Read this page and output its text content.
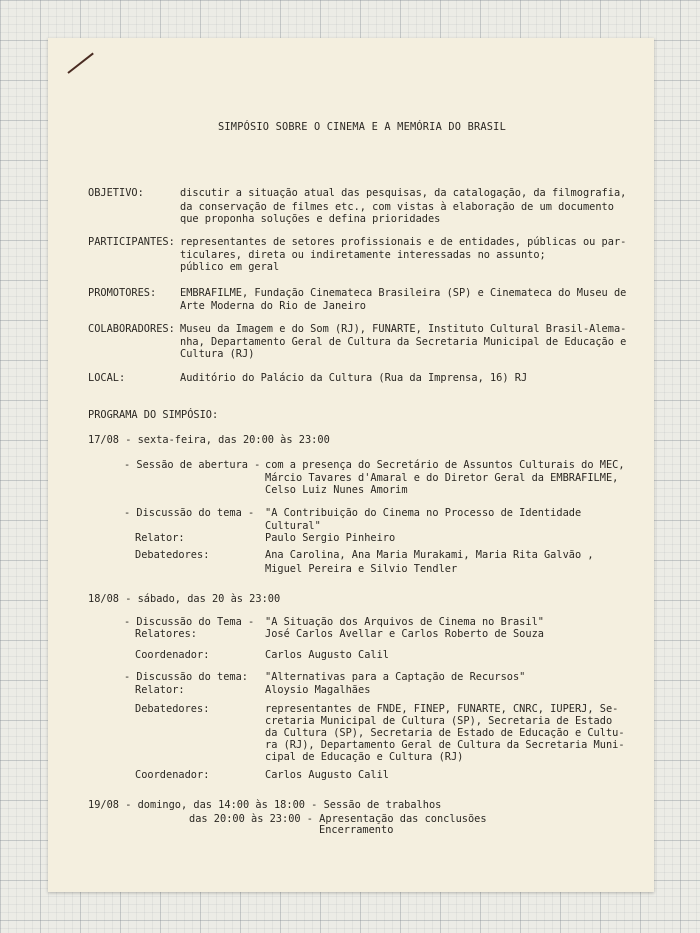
SIMPÓSIO SOBRE O CINEMA E A MEMÓRIA DO BRASIL
OBJETIVO:	discutir a situação atual das pesquisas, da catalogação, da filmografia,
da conservação de filmes etc., com vistas à elaboração de um documento
que proponha soluções e defina prioridades
PARTICIPANTES: representantes de setores profissionais e de entidades, públicas ou par-
ticulares, direta ou indiretamente interessadas no assunto;
público em geral
PROMOTORES: EMBRAFILME, Fundação Cinemateca Brasileira (SP) e Cinemateca do Museu de
Arte Moderna do Rio de Janeiro
COLABORADORES: Museu da Imagem e do Som (RJ), FUNARTE, Instituto Cultural Brasil-Alema-
nha, Departamento Geral de Cultura da Secretaria Municipal de Educação e
Cultura (RJ)
LOCAL:	Auditório do Palácio da Cultura (Rua da Imprensa, 16) RJ
PROGRAMA DO SIMPÓSIO:
17/08 - sexta-feira, das 20:00 às 23:00
- Sessão de abertura - com a presença do Secretário de Assuntos Culturais do MEC,
Márcio Tavares d'Amaral e do Diretor Geral da EMBRAFILME,
Celso Luiz Nunes Amorim
- Discussão do tema - "A Contribuição do Cinema no Processo de Identidade
Cultural"
Relator:	Paulo Sergio Pinheiro
Debatedores:	Ana Carolina, Ana Maria Murakami, Maria Rita Galvão ,
Miguel Pereira e Silvio Tendler
18/08 - sábado, das 20 às 23:00
- Discussão do Tema - "A Situação dos Arquivos de Cinema no Brasil"
Relatores:	José Carlos Avellar e Carlos Roberto de Souza
Coordenador:	Carlos Augusto Calil
- Discussão do tema: "Alternativas para a Captação de Recursos"
Relator:	Aloysio Magalhães
Debatedores:	representantes de FNDE, FINEP, FUNARTE, CNRC, IUPERJ, Se-
cretaria Municipal de Cultura (SP), Secretaria de Estado
da Cultura (SP), Secretaria de Estado de Educação e Cultu-
ra (RJ), Departamento Geral de Cultura da Secretaria Muni-
cipal de Educação e Cultura (RJ)
Coordenador:	Carlos Augusto Calil
19/08 - domingo, das 14:00 às 18:00 - Sessão de trabalhos
das 20:00 às 23:00 - Apresentação das conclusões
Encerramento
